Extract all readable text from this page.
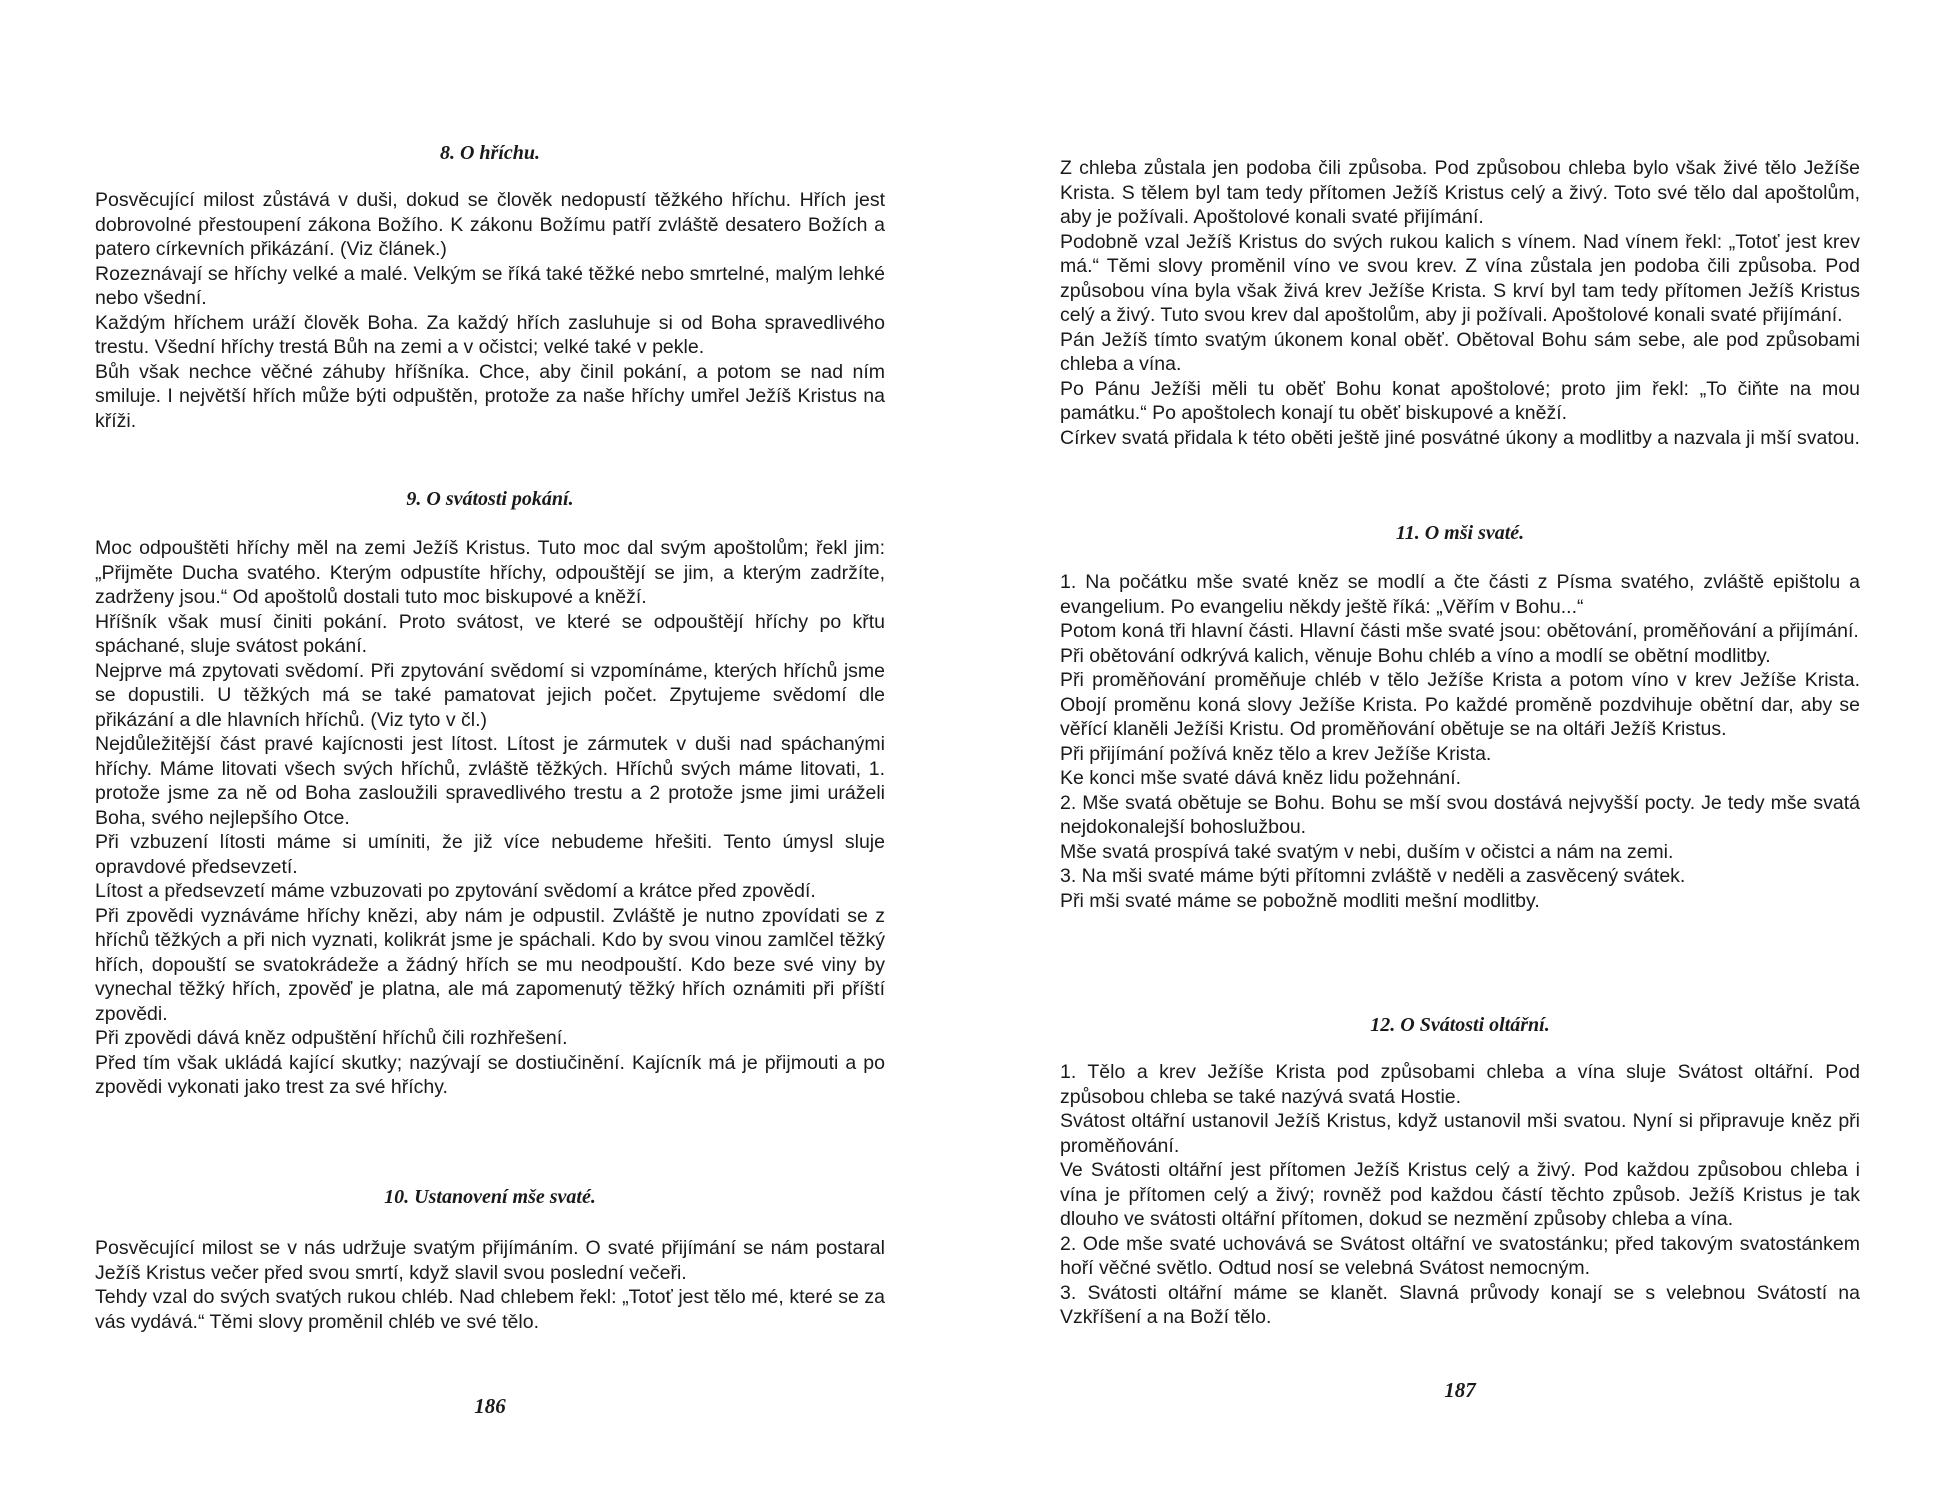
8. O hříchu.

Posvěcující milost zůstává v duši, dokud se člověk nedopustí těžkého hříchu. Hřích jest dobrovolné přestoupení zákona Božího. K zákonu Božímu patří zvláště desatero Božích a patero církevních přikázání. (Viz článek.)

Rozeznávají se hříchy velké a malé. Velkým se říká také těžké nebo smrtelné, malým lehké nebo všední.

Každým hříchem uráží člověk Boha. Za každý hřích zasluhuje si od Boha spravedlivého trestu. Všední hříchy trestá Bůh na zemi a v očistci; velké také v pekle.

Bůh však nechce věčné záhuby hříšníka. Chce, aby činil pokání, a potom se nad ním smiluje. I největší hřích může býti odpuštěn, protože za naše hříchy umřel Ježíš Kristus na kříži.

9. O svátosti pokání.

Moc odpouštěti hříchy měl na zemi Ježíš Kristus. Tuto moc dal svým apoštolům; řekl jim: „Přijměte Ducha svatého. Kterým odpustíte hříchy, odpouštějí se jim, a kterým zadržíte, zadrženy jsou.“ Od apoštolů dostali tuto moc biskupové a kněží.

Hříšník však musí činiti pokání. Proto svátost, ve které se odpouštějí hříchy po křtu spáchané, sluje svátost pokání.

Nejprve má zpytovati svědomí. Při zpytování svědomí si vzpomínáme, kterých hříchů jsme se dopustili. U těžkých má se také pamatovat jejich počet. Zpytujeme svědomí dle přikázání a dle hlavních hříchů. (Viz tyto v čl.)

Nejdůležitější část pravé kajícnosti jest lítost. Lítost je zármutek v duši nad spáchanými hříchy. Máme litovati všech svých hříchů, zvláště těžkých. Hříchů svých máme litovati, 1. protože jsme za ně od Boha zasloužili spravedlivého trestu a 2 protože jsme jimi uráželi Boha, svého nejlepšího Otce.

Při vzbuzení lítosti máme si umíniti, že již více nebudeme hřešiti. Tento úmysl sluje opravdové předsevzetí.

Lítost a předsevzetí máme vzbuzovati po zpytování svědomí a krátce před zpovědí.

Při zpovědi vyznáváme hříchy knězi, aby nám je odpustil. Zvláště je nutno zpovídati se z hříchů těžkých a při nich vyznati, kolikrát jsme je spáchali. Kdo by svou vinou zamlčel těžký hřích, dopouští se svatokrádeže a žádný hřích se mu neodpouští. Kdo beze své viny by vynechal těžký hřích, zpověď je platna, ale má zapomenutý těžký hřích oznámiti při příští zpovědi.

Při zpovědi dává kněz odpuštění hříchů čili rozhřešení.

Před tím však ukládá kající skutky; nazývají se dostiučinění. Kajícník má je přijmouti a po zpovědi vykonati jako trest za své hříchy.

10. Ustanovení mše svaté.

Posvěcující milost se v nás udržuje svatým přijímáním. O svaté přijímání se nám postaral Ježíš Kristus večer před svou smrtí, když slavil svou poslední večeři.

Tehdy vzal do svých svatých rukou chléb. Nad chlebem řekl: „Totoť jest tělo mé, které se za vás vydává.“ Těmi slovy proměnil chléb ve své tělo.

186

Z chleba zůstala jen podoba čili způsoba. Pod způsobou chleba bylo však živé tělo Ježíše Krista. S tělem byl tam tedy přítomen Ježíš Kristus celý a živý. Toto své tělo dal apoštolům, aby je požívali. Apoštolové konali svaté přijímání.

Podobně vzal Ježíš Kristus do svých rukou kalich s vínem. Nad vínem řekl: „Totoť jest krev má.“ Těmi slovy proměnil víno ve svou krev. Z vína zůstala jen podoba čili způsoba. Pod způsobou vína byla však živá krev Ježíše Krista. S krví byl tam tedy přítomen Ježíš Kristus celý a živý. Tuto svou krev dal apoštolům, aby ji požívali. Apoštolové konali svaté přijímání.

Pán Ježíš tímto svatým úkonem konal oběť. Obětoval Bohu sám sebe, ale pod způsobami chleba a vína.

Po Pánu Ježíši měli tu oběť Bohu konat apoštolové; proto jim řekl: „To čiňte na mou památku.“ Po apoštolech konají tu oběť biskupové a kněží.

Církev svatá přidala k této oběti ještě jiné posvátné úkony a modlitby a nazvala ji mší svatou.

11. O mši svaté.

1. Na počátku mše svaté kněz se modlí a čte části z Písma svatého, zvláště epištolu a evangelium. Po evangeliu někdy ještě říká: „Věřím v Bohu...“

Potom koná tři hlavní části. Hlavní části mše svaté jsou: obětování, proměňování a přijímání.

Při obětování odkrývá kalich, věnuje Bohu chléb a víno a modlí se obětní modlitby.

Při proměňování proměňuje chléb v tělo Ježíše Krista a potom víno v krev Ježíše Krista. Obojí proměnu koná slovy Ježíše Krista. Po každé proměně pozdvihuje obětní dar, aby se věřící klaněli Ježíši Kristu. Od proměňování obětuje se na oltáři Ježíš Kristus.

Při přijímání požívá kněz tělo a krev Ježíše Krista.

Ke konci mše svaté dává kněz lidu požehnání.

2. Mše svatá obětuje se Bohu. Bohu se mší svou dostává nejvyšší pocty. Je tedy mše svatá nejdokonalejší bohoslužbou.

Mše svatá prospívá také svatým v nebi, duším v očistci a nám na zemi.

3. Na mši svaté máme býti přítomni zvláště v neděli a zasvěcený svátek.

Při mši svaté máme se pobožně modliti mešní modlitby.

12. O Svátosti oltářní.

1. Tělo a krev Ježíše Krista pod způsobami chleba a vína sluje Svátost oltářní. Pod způsobou chleba se také nazývá svatá Hostie.

Svátost oltářní ustanovil Ježíš Kristus, když ustanovil mši svatou. Nyní si připravuje kněz při proměňování.

Ve Svátosti oltářní jest přítomen Ježíš Kristus celý a živý. Pod každou způsobou chleba i vína je přítomen celý a živý; rovněž pod každou částí těchto způsob. Ježíš Kristus je tak dlouho ve svátosti oltářní přítomen, dokud se nezmění způsoby chleba a vína.

2. Ode mše svaté uchovává se Svátost oltářní ve svatostánku; před takovým svatostánkem hoří věčné světlo. Odtud nosí se velebná Svátost nemocným.

3. Svátosti oltářní máme se klanět. Slavná průvody konají se s velebnou Svátostí na Vzkříšení a na Boží tělo.

187
